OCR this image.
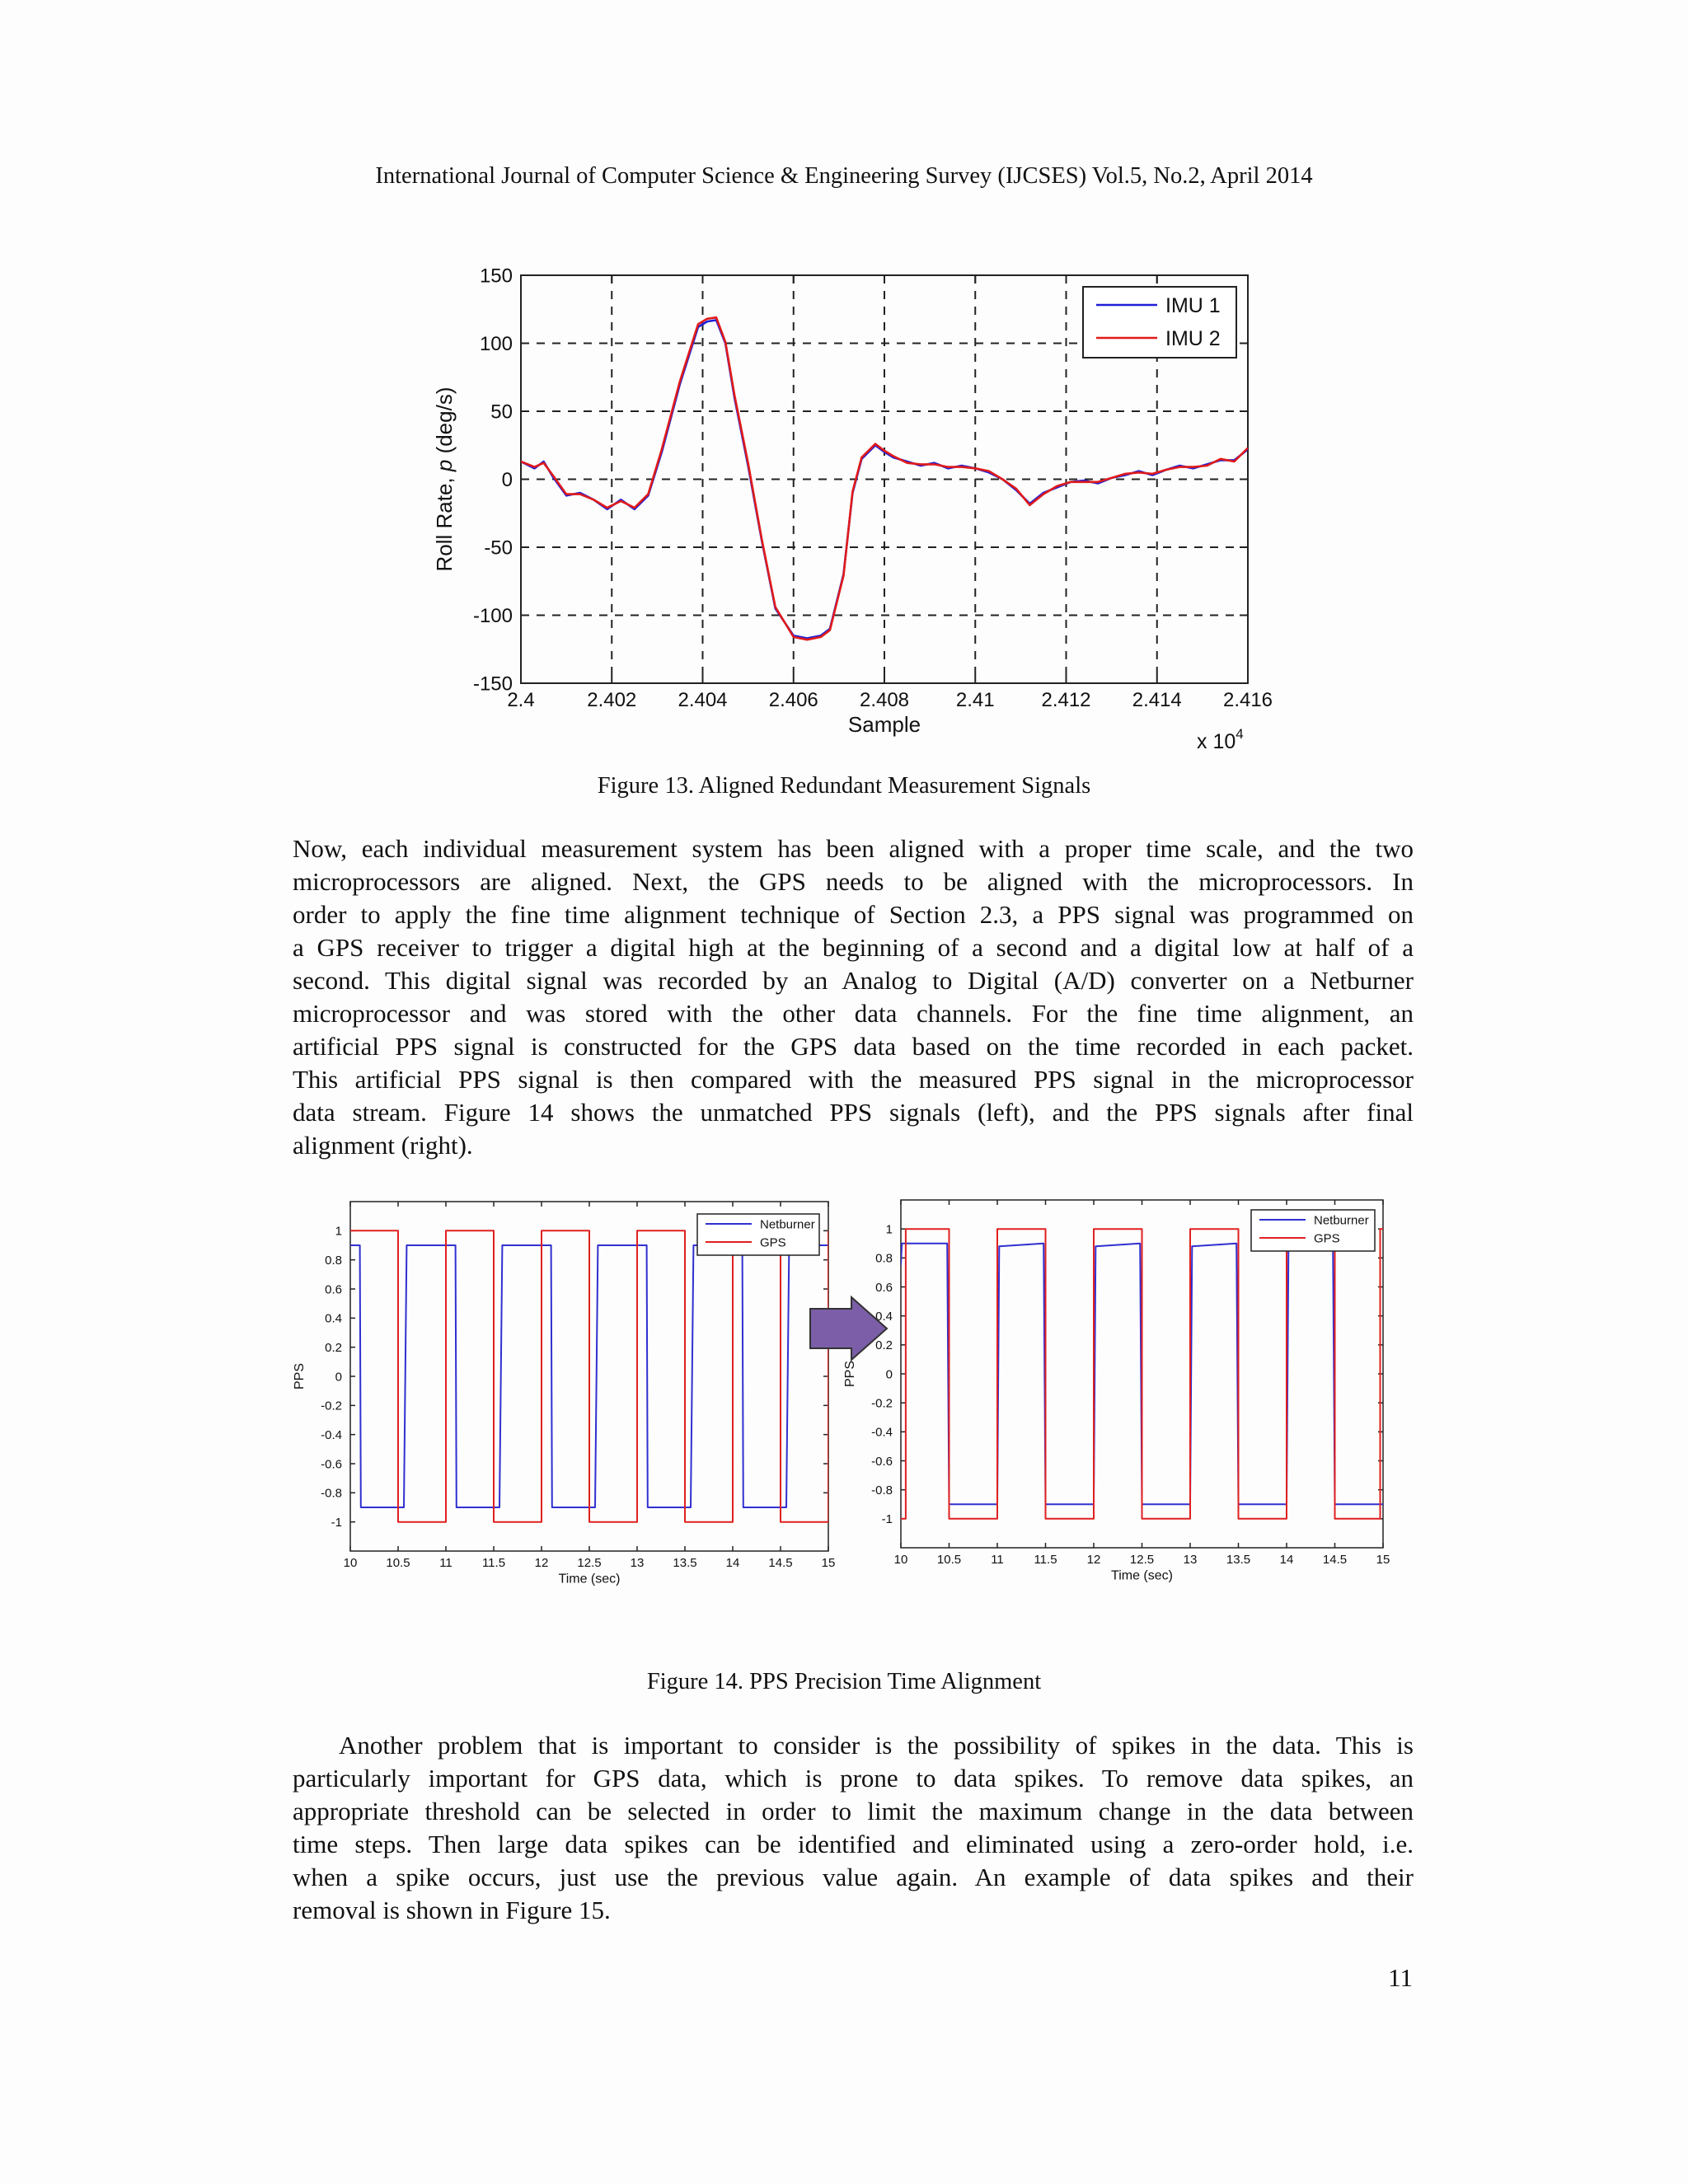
International Journal of Computer Science & Engineering Survey (IJCSES) Vol.5, No.2, April 2014
2.4	2.402 2.404 2.406 2.408 2.41 2.412 2.414 2.416
-150
-100
-50
0
50
100
150
Sample
IMU 1
IMU 2
Roll Rate, p (deg/s)
x $10^4$
Figure 13. Aligned Redundant Measurement Signals
Now, each individual measurement system has been aligned with a proper time scale, and the two
microprocessors are aligned. Next, the GPS needs to be aligned with the microprocessors. In
order to apply the fine time alignment technique of Section 2.3, a PPS signal was programmed on
a GPS receiver to trigger a digital high at the beginning of a second and a digital low at half of a
second. This digital signal was recorded by an Analog to Digital (A/D) converter on a Netburner
microprocessor and was stored with the other data channels. For the fine time alignment, an
artificial PPS signal is constructed for the GPS data based on the time recorded in each packet.
This artificial PPS signal is then compared with the measured PPS signal in the microprocessor
data stream. Figure 14 shows the unmatched PPS signals (left), and the PPS signals after final
alignment (right).
10 10.5 11 11.5 12 12.5 13 13.5 14 14.5 15
-1
-0.8
-0.6
-0.4
-0.2
0
0.2
0.4
0.6
0.8
1
Time (sec)
Netburner
GPS
PPS
10 10.5 11 11.5 12 12.5 13 13.5 14 14.5 15
-1
-0.8
-0.6
-0.4
-0.2
0
0.2
0.4
0.6
0.8
1
Time (sec)
Netburner
GPS
PPS
Figure 14. PPS Precision Time Alignment
Another problem that is important to consider is the possibility of spikes in the data. This is
particularly important for GPS data, which is prone to data spikes. To remove data spikes, an
appropriate threshold can be selected in order to limit the maximum change in the data between
time steps. Then large data spikes can be identified and eliminated using a zero-order hold, i.e.
when a spike occurs, just use the previous value again. An example of data spikes and their
removal is shown in Figure 15.
11
